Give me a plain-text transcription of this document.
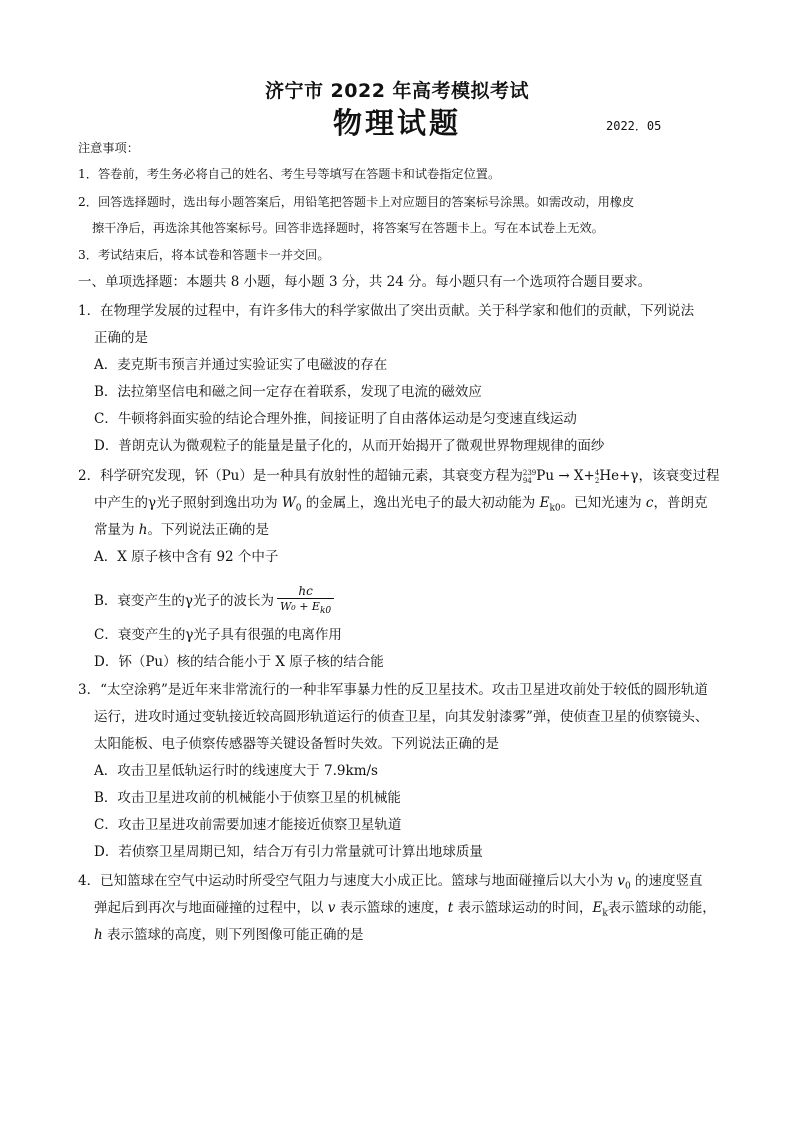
济宁市 2022 年高考模拟考试
物理试题	2022．05
注意事项：
1．答卷前，考生务必将自己的姓名、考生号等填写在答题卡和试卷指定位置。
2．回答选择题时，选出每小题答案后，用铅笔把答题卡上对应题目的答案标号涂黑。如需改动，用橡皮
擦干净后，再选涂其他答案标号。回答非选择题时，将答案写在答题卡上。写在本试卷上无效。
3．考试结束后，将本试卷和答题卡一并交回。
一、单项选择题：本题共 8 小题，每小题 3 分，共 24 分。每小题只有一个选项符合题目要求。
1．在物理学发展的过程中，有许多伟大的科学家做出了突出贡献。关于科学家和他们的贡献，下列说法
正确的是
A．麦克斯韦预言并通过实验证实了电磁波的存在
B．法拉第坚信电和磁之间一定存在着联系，发现了电流的磁效应
C．牛顿将斜面实验的结论合理外推，间接证明了自由落体运动是匀变速直线运动
D．普朗克认为微观粒子的能量是量子化的，从而开始揭开了微观世界物理规律的面纱
2．科学研究发现，钚（Pu）是一种具有放射性的超铀元素，其衰变方程为 239
94 Pu → X+ 4
2 He+γ，该衰变过程
中产生的γ光子照射到逸出功为 $W_0$ 的金属上，逸出光电子的最大初动能为 $E_{k0}$。已知光速为 c，普朗克
常量为 h。下列说法正确的是
A．X 原子核中含有 92 个中子
B．衰变产生的γ光子的波长为 $\frac{hc}{W_0 + E_{k0}}$
C．衰变产生的γ光子具有很强的电离作用
D．钚（Pu）核的结合能小于 X 原子核的结合能
3．“太空涂鸦”是近年来非常流行的一种非军事暴力性的反卫星技术。攻击卫星进攻前处于较低的圆形轨道
运行，进攻时通过变轨接近较高圆形轨道运行的侦查卫星，向其发射漆雾”弹，使侦查卫星的侦察镜头、
太阳能板、电子侦察传感器等关键设备暂时失效。下列说法正确的是
A．攻击卫星低轨运行时的线速度大于 7.9km/s
B．攻击卫星进攻前的机械能小于侦察卫星的机械能
C．攻击卫星进攻前需要加速才能接近侦察卫星轨道
D．若侦察卫星周期已知，结合万有引力常量就可计算出地球质量
4．已知篮球在空气中运动时所受空气阻力与速度大小成正比。篮球与地面碰撞后以大小为 $v_0$ 的速度竖直
弹起后到再次与地面碰撞的过程中，以 v 表示篮球的速度，t 表示篮球运动的时间，$E_k$表示篮球的动能，
h 表示篮球的高度，则下列图像可能正确的是
